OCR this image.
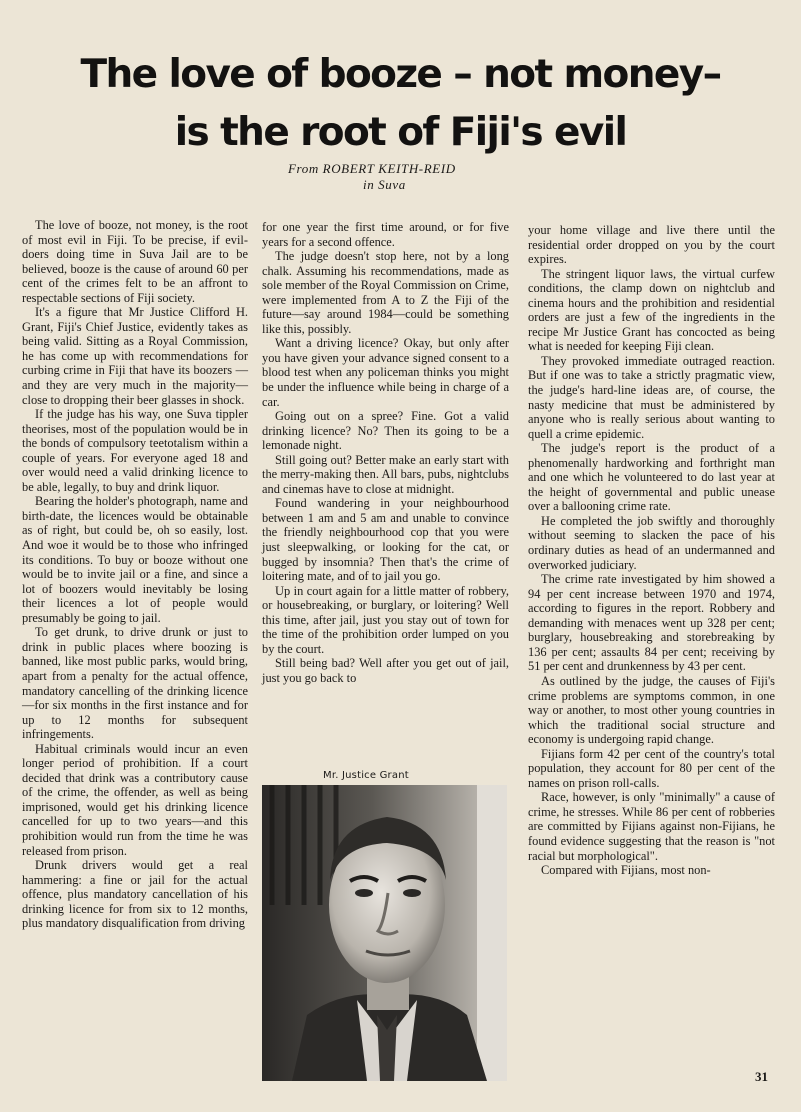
The love of booze – not money–
is the root of Fiji's evil
From ROBERT KEITH-REID
in Suva

The love of booze, not money, is the root of most evil in Fiji. To be precise, if evil-doers doing time in Suva Jail are to be believed, booze is the cause of around 60 per cent of the crimes felt to be an affront to respectable sections of Fiji society.

It's a figure that Mr Justice Clifford H. Grant, Fiji's Chief Justice, evidently takes as being valid. Sitting as a Royal Commission, he has come up with recommendations for curbing crime in Fiji that have its boozers —and they are very much in the majority—close to dropping their beer glasses in shock.

If the judge has his way, one Suva tippler theorises, most of the population would be in the bonds of compulsory teetotalism within a couple of years. For everyone aged 18 and over would need a valid drinking licence to be able, legally, to buy and drink liquor.

Bearing the holder's photograph, name and birth-date, the licences would be obtainable as of right, but could be, oh so easily, lost. And woe it would be to those who infringed its conditions. To buy or booze without one would be to invite jail or a fine, and since a lot of boozers would inevitably be losing their licences a lot of people would presumably be going to jail.

To get drunk, to drive drunk or just to drink in public places where boozing is banned, like most public parks, would bring, apart from a penalty for the actual offence, mandatory cancelling of the drinking licence—for six months in the first instance and for up to 12 months for subsequent infringements.

Habitual criminals would incur an even longer period of prohibition. If a court decided that drink was a contributory cause of the crime, the offender, as well as being imprisoned, would get his drinking licence cancelled for up to two years—and this prohibition would run from the time he was released from prison.

Drunk drivers would get a real hammering: a fine or jail for the actual offence, plus mandatory cancellation of his drinking licence for from six to 12 months, plus mandatory disqualification from driving

for one year the first time around, or for five years for a second offence.

The judge doesn't stop here, not by a long chalk. Assuming his recommendations, made as sole member of the Royal Commission on Crime, were implemented from A to Z the Fiji of the future—say around 1984—could be something like this, possibly.

Want a driving licence? Okay, but only after you have given your advance signed consent to a blood test when any policeman thinks you might be under the influence while being in charge of a car.

Going out on a spree? Fine. Got a valid drinking licence? No? Then its going to be a lemonade night.

Still going out? Better make an early start with the merry-making then. All bars, pubs, nightclubs and cinemas have to close at midnight.

Found wandering in your neighbourhood between 1 am and 5 am and unable to convince the friendly neighbourhood cop that you were just sleepwalking, or looking for the cat, or bugged by insomnia? Then that's the crime of loitering mate, and of to jail you go.

Up in court again for a little matter of robbery, or housebreaking, or burglary, or loitering? Well this time, after jail, just you stay out of town for the time of the prohibition order lumped on you by the court.

Still being bad? Well after you get out of jail, just you go back to

Mr. Justice Grant

your home village and live there until the residential order dropped on you by the court expires.

The stringent liquor laws, the virtual curfew conditions, the clamp down on nightclub and cinema hours and the prohibition and residential orders are just a few of the ingredients in the recipe Mr Justice Grant has concocted as being what is needed for keeping Fiji clean.

They provoked immediate outraged reaction. But if one was to take a strictly pragmatic view, the judge's hard-line ideas are, of course, the nasty medicine that must be administered by anyone who is really serious about wanting to quell a crime epidemic.

The judge's report is the product of a phenomenally hardworking and forthright man and one which he volunteered to do last year at the height of governmental and public unease over a ballooning crime rate.

He completed the job swiftly and thoroughly without seeming to slacken the pace of his ordinary duties as head of an undermanned and overworked judiciary.

The crime rate investigated by him showed a 94 per cent increase between 1970 and 1974, according to figures in the report. Robbery and demanding with menaces went up 328 per cent; burglary, housebreaking and storebreaking by 136 per cent; assaults 84 per cent; receiving by 51 per cent and drunkenness by 43 per cent.

As outlined by the judge, the causes of Fiji's crime problems are symptoms common, in one way or another, to most other young countries in which the traditional social structure and economy is undergoing rapid change.

Fijians form 42 per cent of the country's total population, they account for 80 per cent of the names on prison roll-calls.

Race, however, is only "minimally" a cause of crime, he stresses. While 86 per cent of robberies are committed by Fijians against non-Fijians, he found evidence suggesting that the reason is "not racial but morphological".

Compared with Fijians, most non-

31
